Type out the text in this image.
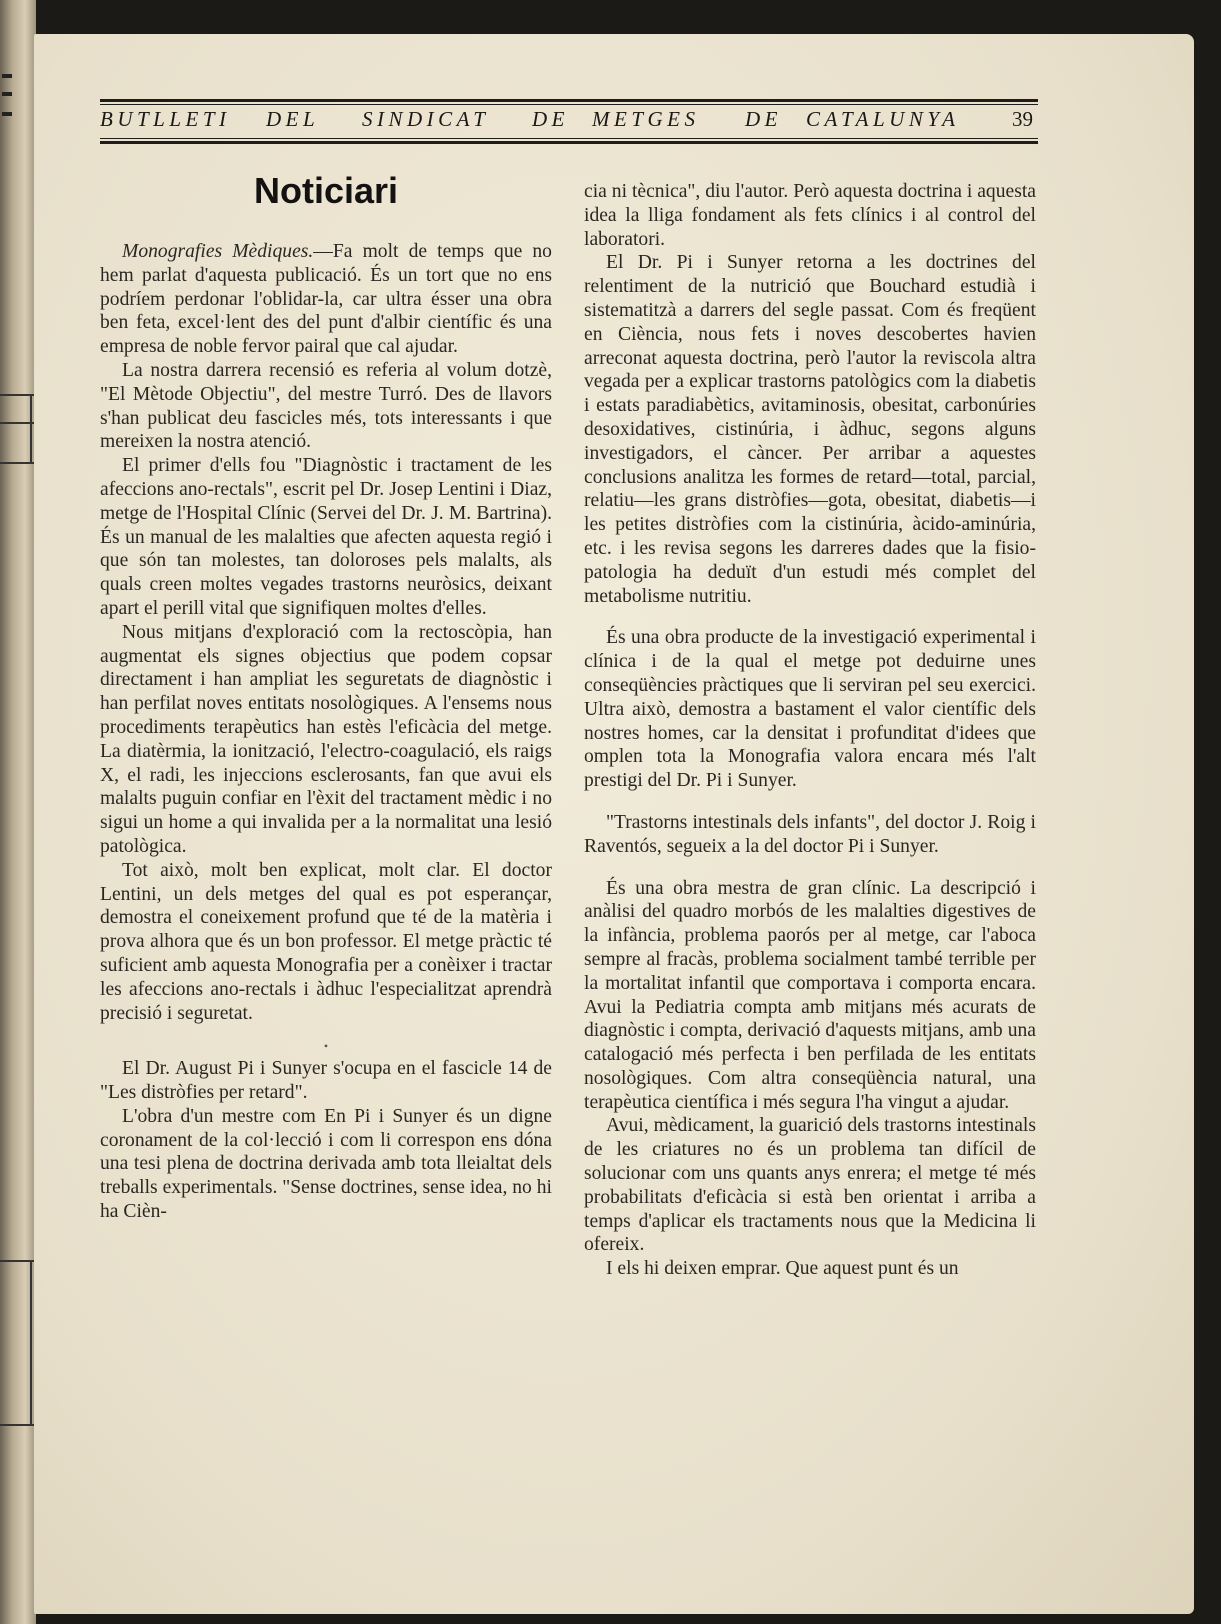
BUTLLETI DEL SINDICAT DE METGES DE CATALUNYA	39
Noticiari

Monografies Mèdiques.—Fa molt de temps que no hem parlat d'aquesta publicació. És un tort que no ens podríem perdonar l'oblidar-la, car ultra ésser una obra ben feta, excel·lent des del punt d'albir científic és una empresa de noble fervor pairal que cal ajudar.

La nostra darrera recensió es referia al volum dotzè, "El Mètode Objectiu", del mestre Turró. Des de llavors s'han publicat deu fascicles més, tots interessants i que mereixen la nostra atenció.

El primer d'ells fou "Diagnòstic i tractament de les afeccions ano-rectals", escrit pel Dr. Josep Lentini i Diaz, metge de l'Hospital Clínic (Servei del Dr. J. M. Bartrina). És un manual de les malalties que afecten aquesta regió i que són tan molestes, tan doloroses pels malalts, als quals creen moltes vegades trastorns neuròsics, deixant apart el perill vital que signifiquen moltes d'elles.

Nous mitjans d'exploració com la rectoscòpia, han augmentat els signes objectius que podem copsar directament i han ampliat les seguretats de diagnòstic i han perfilat noves entitats nosològiques. A l'ensems nous procediments terapèutics han estès l'eficàcia del metge. La diatèrmia, la ionització, l'electro-coagulació, els raigs X, el radi, les injeccions esclerosants, fan que avui els malalts puguin confiar en l'èxit del tractament mèdic i no sigui un home a qui invalida per a la normalitat una lesió patològica.

Tot això, molt ben explicat, molt clar. El doctor Lentini, un dels metges del qual es pot esperançar, demostra el coneixement profund que té de la matèria i prova alhora que és un bon professor. El metge pràctic té suficient amb aquesta Monografia per a conèixer i tractar les afeccions ano-rectals i àdhuc l'especialitzat aprendrà precisió i seguretat.

•

El Dr. August Pi i Sunyer s'ocupa en el fascicle 14 de "Les distròfies per retard".

L'obra d'un mestre com En Pi i Sunyer és un digne coronament de la col·lecció i com li correspon ens dóna una tesi plena de doctrina derivada amb tota lleialtat dels treballs experimentals. "Sense doctrines, sense idea, no hi ha Cièn-

cia ni tècnica", diu l'autor. Però aquesta doctrina i aquesta idea la lliga fondament als fets clínics i al control del laboratori.

El Dr. Pi i Sunyer retorna a les doctrines del relentiment de la nutrició que Bouchard estudià i sistematitzà a darrers del segle passat. Com és freqüent en Ciència, nous fets i noves descobertes havien arreconat aquesta doctrina, però l'autor la reviscola altra vegada per a explicar trastorns patològics com la diabetis i estats paradiabètics, avitaminosis, obesitat, carbonúries desoxidatives, cistinúria, i àdhuc, segons alguns investigadors, el càncer. Per arribar a aquestes conclusions analitza les formes de retard—total, parcial, relatiu—les grans distròfies—gota, obesitat, diabetis—i les petites distròfies com la cistinúria, àcido-aminúria, etc. i les revisa segons les darreres dades que la fisio-patologia ha deduït d'un estudi més complet del metabolisme nutritiu.

És una obra producte de la investigació experimental i clínica i de la qual el metge pot deduirne unes conseqüències pràctiques que li serviran pel seu exercici. Ultra això, demostra a bastament el valor científic dels nostres homes, car la densitat i profunditat d'idees que omplen tota la Monografia valora encara més l'alt prestigi del Dr. Pi i Sunyer.

"Trastorns intestinals dels infants", del doctor J. Roig i Raventós, segueix a la del doctor Pi i Sunyer.

És una obra mestra de gran clínic. La descripció i anàlisi del quadro morbós de les malalties digestives de la infància, problema paorós per al metge, car l'aboca sempre al fracàs, problema socialment també terrible per la mortalitat infantil que comportava i comporta encara. Avui la Pediatria compta amb mitjans més acurats de diagnòstic i compta, derivació d'aquests mitjans, amb una catalogació més perfecta i ben perfilada de les entitats nosològiques. Com altra conseqüència natural, una terapèutica científica i més segura l'ha vingut a ajudar.

Avui, mèdicament, la guarició dels trastorns intestinals de les criatures no és un problema tan difícil de solucionar com uns quants anys enrera; el metge té més probabilitats d'eficàcia si està ben orientat i arriba a temps d'aplicar els tractaments nous que la Medicina li ofereix.

I els hi deixen emprar. Que aquest punt és un
